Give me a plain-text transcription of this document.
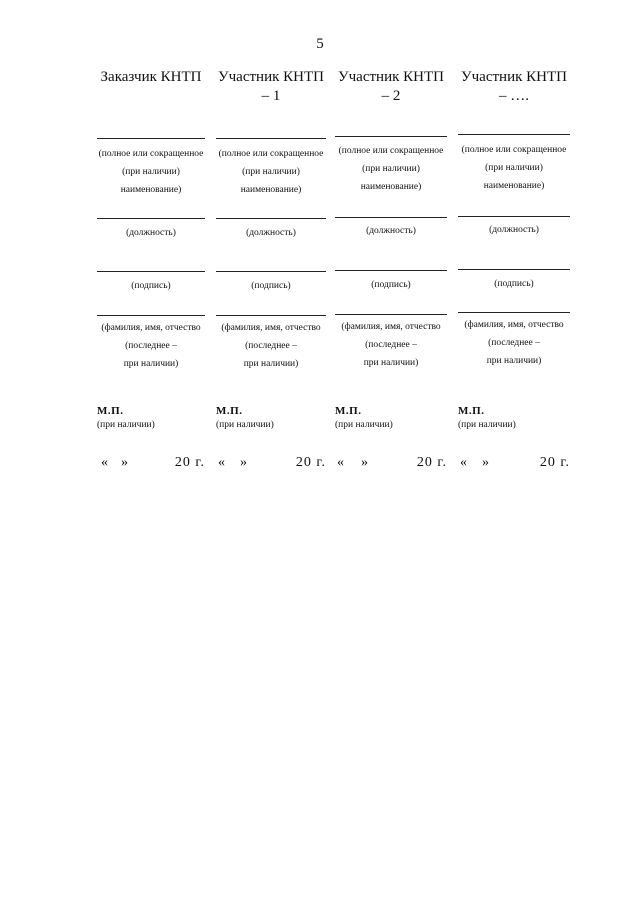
5
Заказчик КНТП
(полное или сокращенное
(при наличии)
наименование)
(должность)
(подпись)
(фамилия, имя, отчество
(последнее –
при наличии)
М.П.
(при наличии)
« »	20 г.
Участник КНТП – 1
(полное или сокращенное
(при наличии)
наименование)
(должность)
(подпись)
(фамилия, имя, отчество
(последнее –
при наличии)
М.П.
(при наличии)
« »	20 г.
Участник КНТП – 2
(полное или сокращенное
(при наличии)
наименование)
(должность)
(подпись)
(фамилия, имя, отчество
(последнее –
при наличии)
М.П.
(при наличии)
« »	20 г.
Участник КНТП – ….
(полное или сокращенное
(при наличии)
наименование)
(должность)
(подпись)
(фамилия, имя, отчество
(последнее –
при наличии)
М.П.
(при наличии)
« »	20 г.
